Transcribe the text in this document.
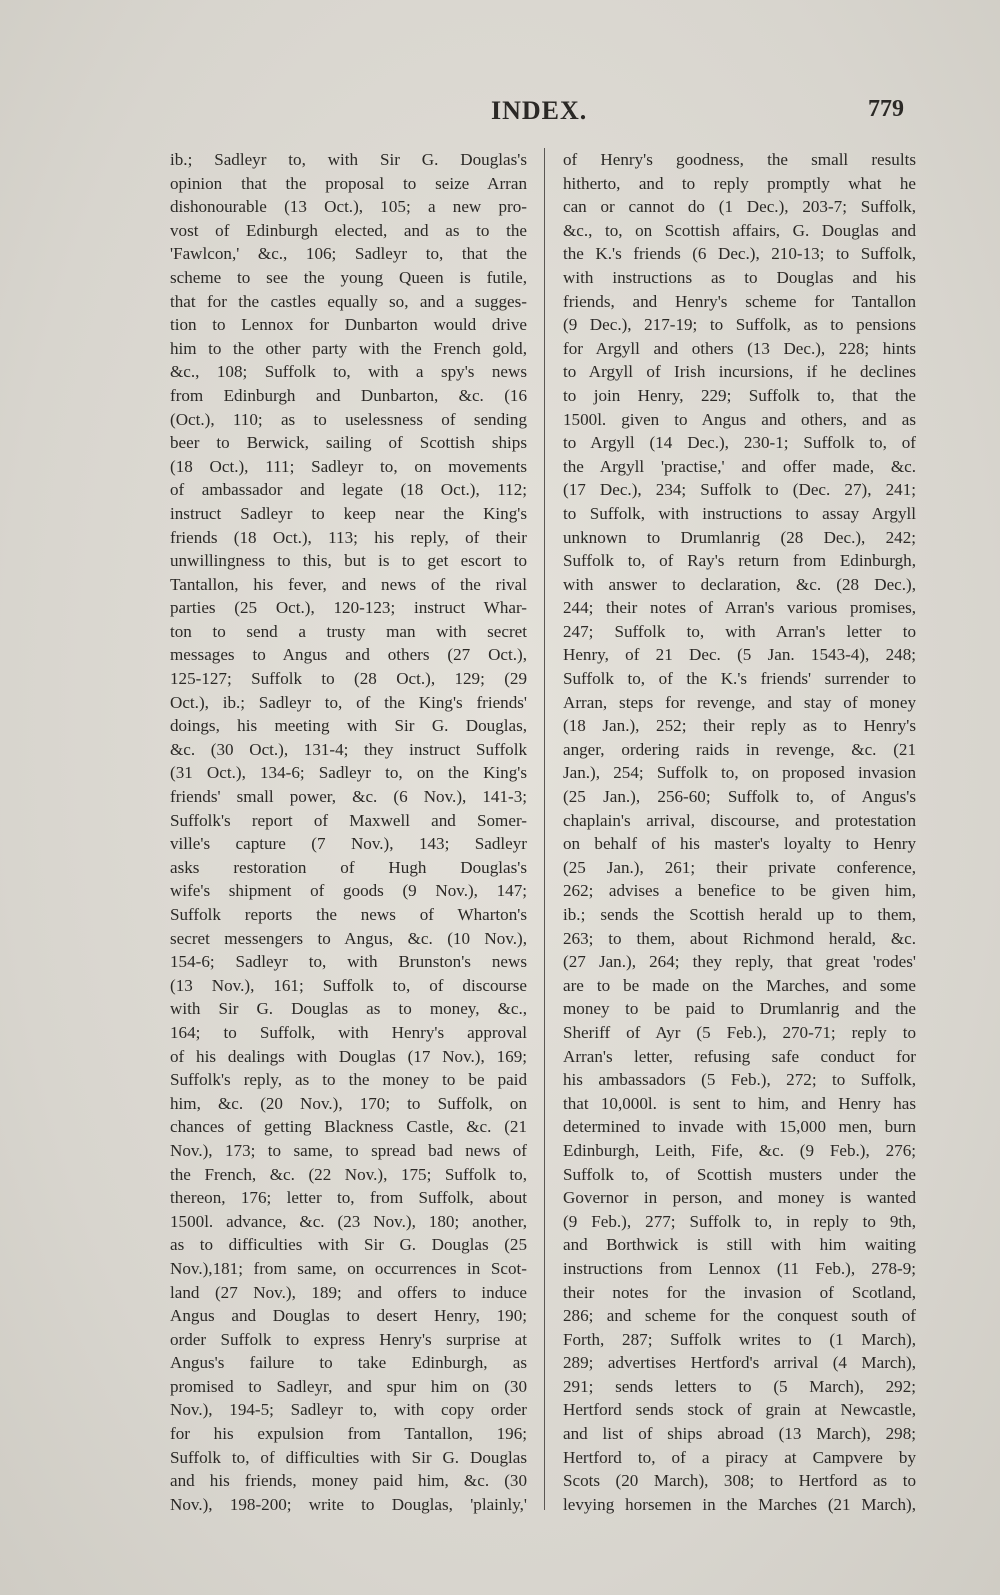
INDEX.	779
ib.; Sadleyr to, with Sir G. Douglas's
opinion that the proposal to seize Arran
dishonourable (13 Oct.), 105; a new pro-
vost of Edinburgh elected, and as to the
'Fawlcon,' &c., 106; Sadleyr to, that the
scheme to see the young Queen is futile,
that for the castles equally so, and a sugges-
tion to Lennox for Dunbarton would drive
him to the other party with the French gold,
&c., 108; Suffolk to, with a spy's news
from Edinburgh and Dunbarton, &c. (16
(Oct.), 110; as to uselessness of sending
beer to Berwick, sailing of Scottish ships
(18 Oct.), 111; Sadleyr to, on movements
of ambassador and legate (18 Oct.), 112;
instruct Sadleyr to keep near the King's
friends (18 Oct.), 113; his reply, of their
unwillingness to this, but is to get escort to
Tantallon, his fever, and news of the rival
parties (25 Oct.), 120-123; instruct Whar-
ton to send a trusty man with secret
messages to Angus and others (27 Oct.),
125-127; Suffolk to (28 Oct.), 129; (29
Oct.), ib.; Sadleyr to, of the King's friends'
doings, his meeting with Sir G. Douglas,
&c. (30 Oct.), 131-4; they instruct Suffolk
(31 Oct.), 134-6; Sadleyr to, on the King's
friends' small power, &c. (6 Nov.), 141-3;
Suffolk's report of Maxwell and Somer-
ville's capture (7 Nov.), 143; Sadleyr
asks restoration of Hugh Douglas's
wife's shipment of goods (9 Nov.), 147;
Suffolk reports the news of Wharton's
secret messengers to Angus, &c. (10 Nov.),
154-6; Sadleyr to, with Brunston's news
(13 Nov.), 161; Suffolk to, of discourse
with Sir G. Douglas as to money, &c.,
164; to Suffolk, with Henry's approval
of his dealings with Douglas (17 Nov.), 169;
Suffolk's reply, as to the money to be paid
him, &c. (20 Nov.), 170; to Suffolk, on
chances of getting Blackness Castle, &c. (21
Nov.), 173; to same, to spread bad news of
the French, &c. (22 Nov.), 175; Suffolk to,
thereon, 176; letter to, from Suffolk, about
1500l. advance, &c. (23 Nov.), 180; another,
as to difficulties with Sir G. Douglas (25
Nov.),181; from same, on occurrences in Scot-
land (27 Nov.), 189; and offers to induce
Angus and Douglas to desert Henry, 190;
order Suffolk to express Henry's surprise at
Angus's failure to take Edinburgh, as
promised to Sadleyr, and spur him on (30
Nov.), 194-5; Sadleyr to, with copy order
for his expulsion from Tantallon, 196;
Suffolk to, of difficulties with Sir G. Douglas
and his friends, money paid him, &c. (30
Nov.), 198-200; write to Douglas, 'plainly,'
of Henry's goodness, the small results
hitherto, and to reply promptly what he
can or cannot do (1 Dec.), 203-7; Suffolk,
&c., to, on Scottish affairs, G. Douglas and
the K.'s friends (6 Dec.), 210-13; to Suffolk,
with instructions as to Douglas and his
friends, and Henry's scheme for Tantallon
(9 Dec.), 217-19; to Suffolk, as to pensions
for Argyll and others (13 Dec.), 228; hints
to Argyll of Irish incursions, if he declines
to join Henry, 229; Suffolk to, that the
1500l. given to Angus and others, and as
to Argyll (14 Dec.), 230-1; Suffolk to, of
the Argyll 'practise,' and offer made, &c.
(17 Dec.), 234; Suffolk to (Dec. 27), 241;
to Suffolk, with instructions to assay Argyll
unknown to Drumlanrig (28 Dec.), 242;
Suffolk to, of Ray's return from Edinburgh,
with answer to declaration, &c. (28 Dec.),
244; their notes of Arran's various promises,
247; Suffolk to, with Arran's letter to
Henry, of 21 Dec. (5 Jan. 1543-4), 248;
Suffolk to, of the K.'s friends' surrender to
Arran, steps for revenge, and stay of money
(18 Jan.), 252; their reply as to Henry's
anger, ordering raids in revenge, &c. (21
Jan.), 254; Suffolk to, on proposed invasion
(25 Jan.), 256-60; Suffolk to, of Angus's
chaplain's arrival, discourse, and protestation
on behalf of his master's loyalty to Henry
(25 Jan.), 261; their private conference,
262; advises a benefice to be given him,
ib.; sends the Scottish herald up to them,
263; to them, about Richmond herald, &c.
(27 Jan.), 264; they reply, that great 'rodes'
are to be made on the Marches, and some
money to be paid to Drumlanrig and the
Sheriff of Ayr (5 Feb.), 270-71; reply to
Arran's letter, refusing safe conduct for
his ambassadors (5 Feb.), 272; to Suffolk,
that 10,000l. is sent to him, and Henry has
determined to invade with 15,000 men, burn
Edinburgh, Leith, Fife, &c. (9 Feb.), 276;
Suffolk to, of Scottish musters under the
Governor in person, and money is wanted
(9 Feb.), 277; Suffolk to, in reply to 9th,
and Borthwick is still with him waiting
instructions from Lennox (11 Feb.), 278-9;
their notes for the invasion of Scotland,
286; and scheme for the conquest south of
Forth, 287; Suffolk writes to (1 March),
289; advertises Hertford's arrival (4 March),
291; sends letters to (5 March), 292;
Hertford sends stock of grain at Newcastle,
and list of ships abroad (13 March), 298;
Hertford to, of a piracy at Campvere by
Scots (20 March), 308; to Hertford as to
levying horsemen in the Marches (21 March),
